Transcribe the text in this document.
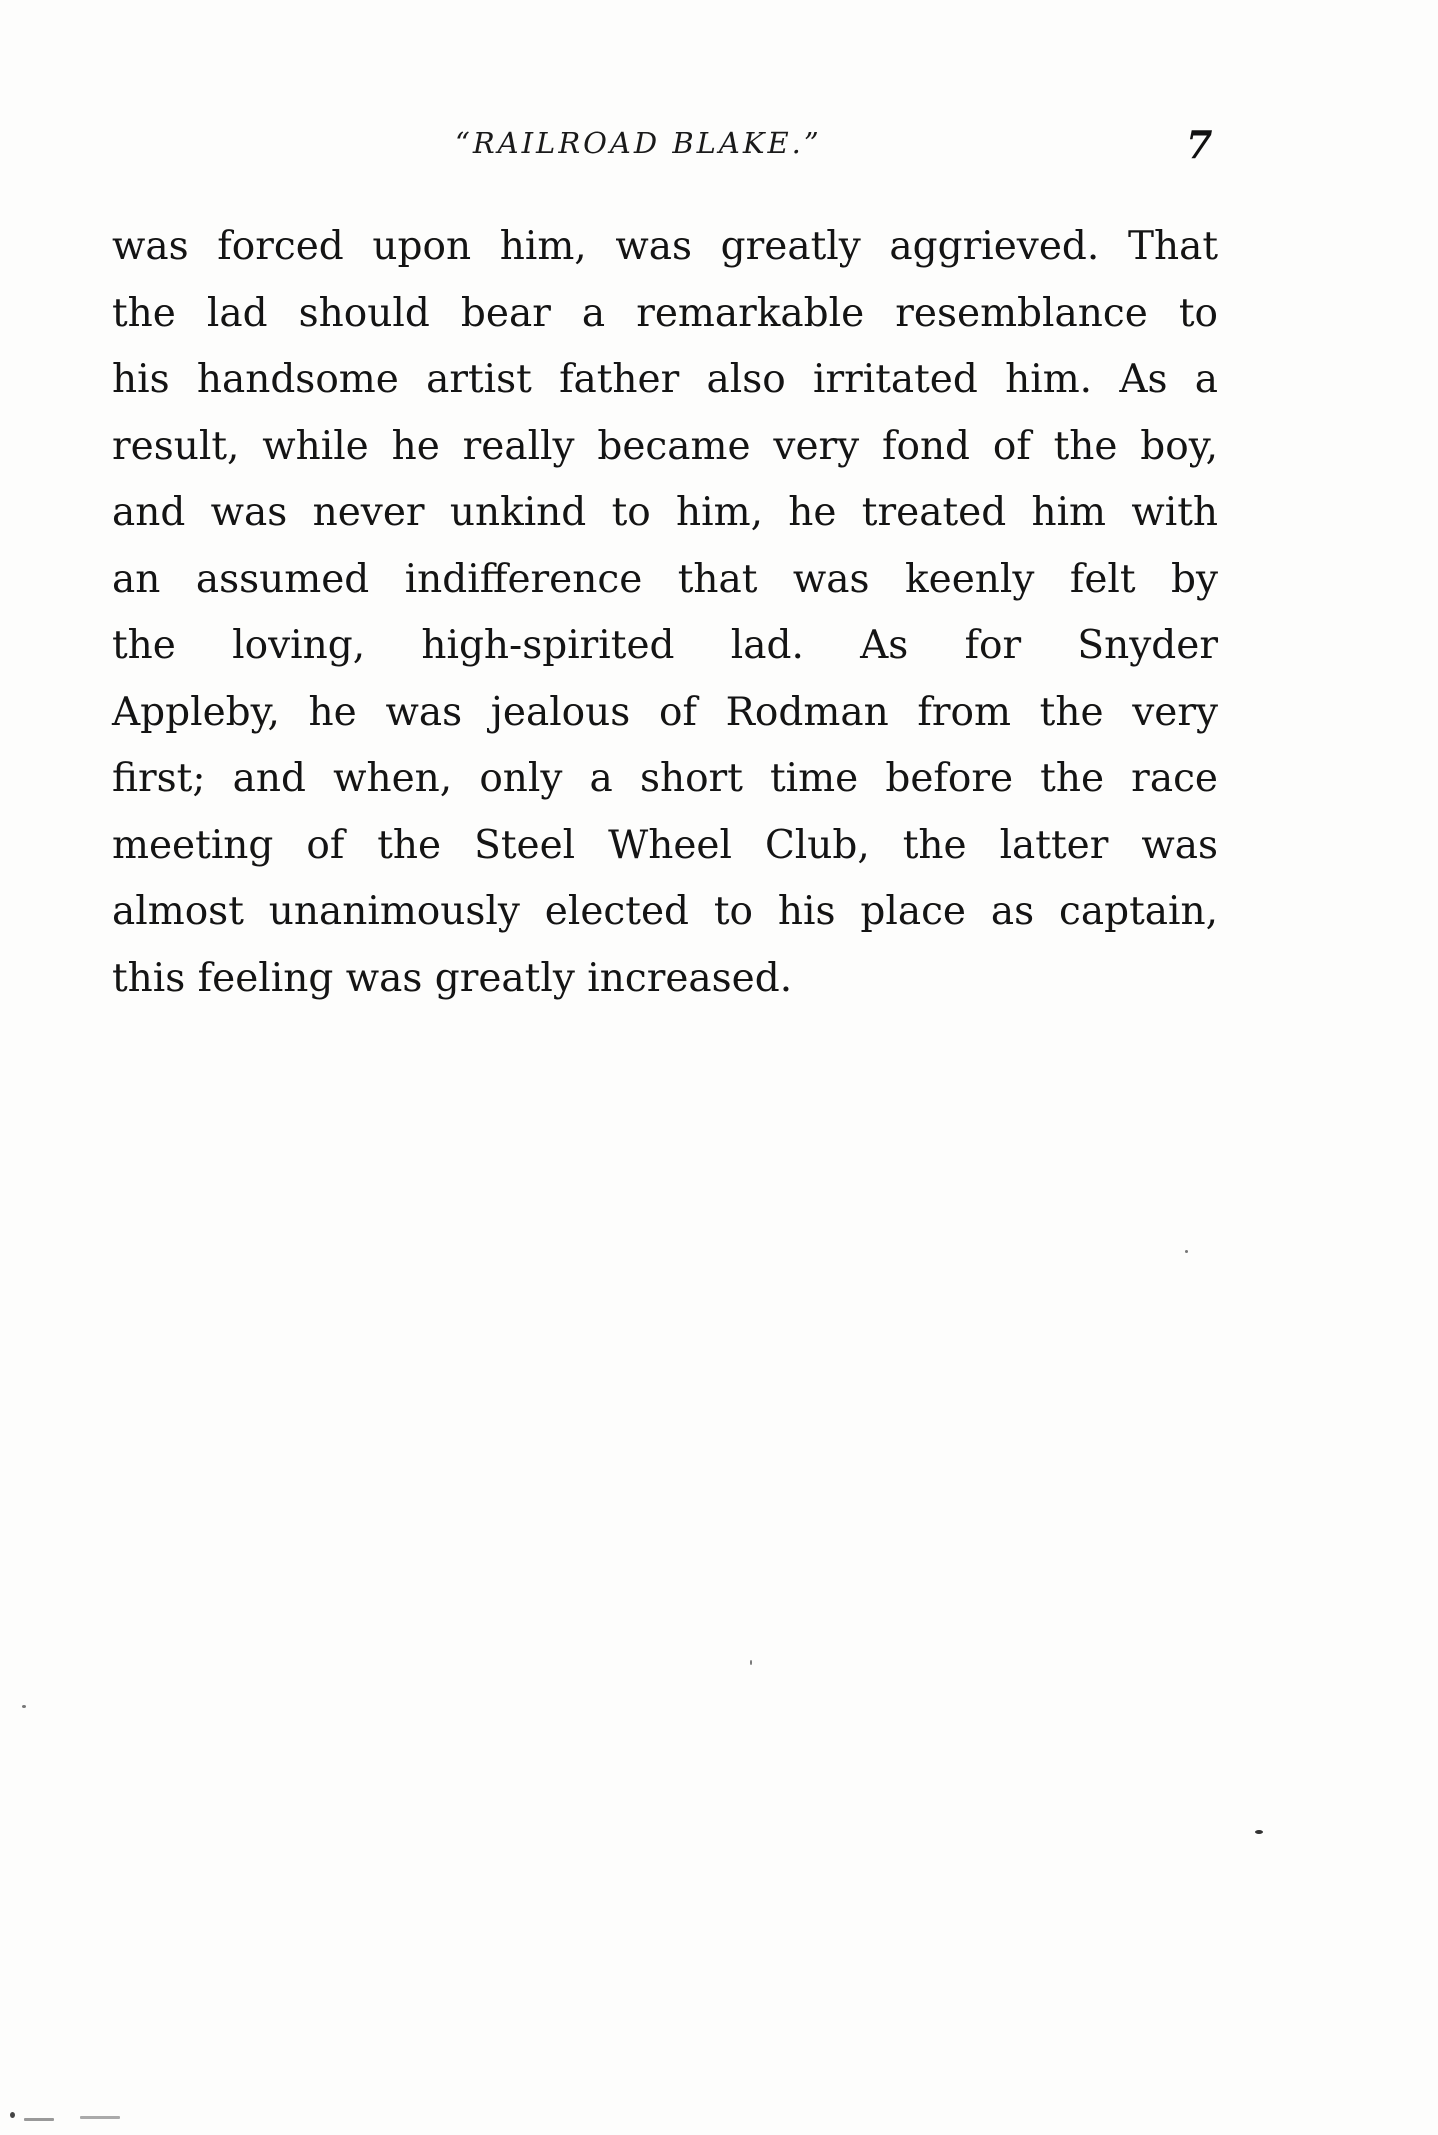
“RAILROAD BLAKE.”	7
was forced upon him, was greatly aggrieved. That
the lad should bear a remarkable resemblance to
his handsome artist father also irritated him. As a
result, while he really became very fond of the boy,
and was never unkind to him, he treated him with
an assumed indifference that was keenly felt by
the loving, high-spirited lad. As for Snyder
Appleby, he was jealous of Rodman from the very
first; and when, only a short time before the race
meeting of the Steel Wheel Club, the latter was
almost unanimously elected to his place as captain,
this feeling was greatly increased.
